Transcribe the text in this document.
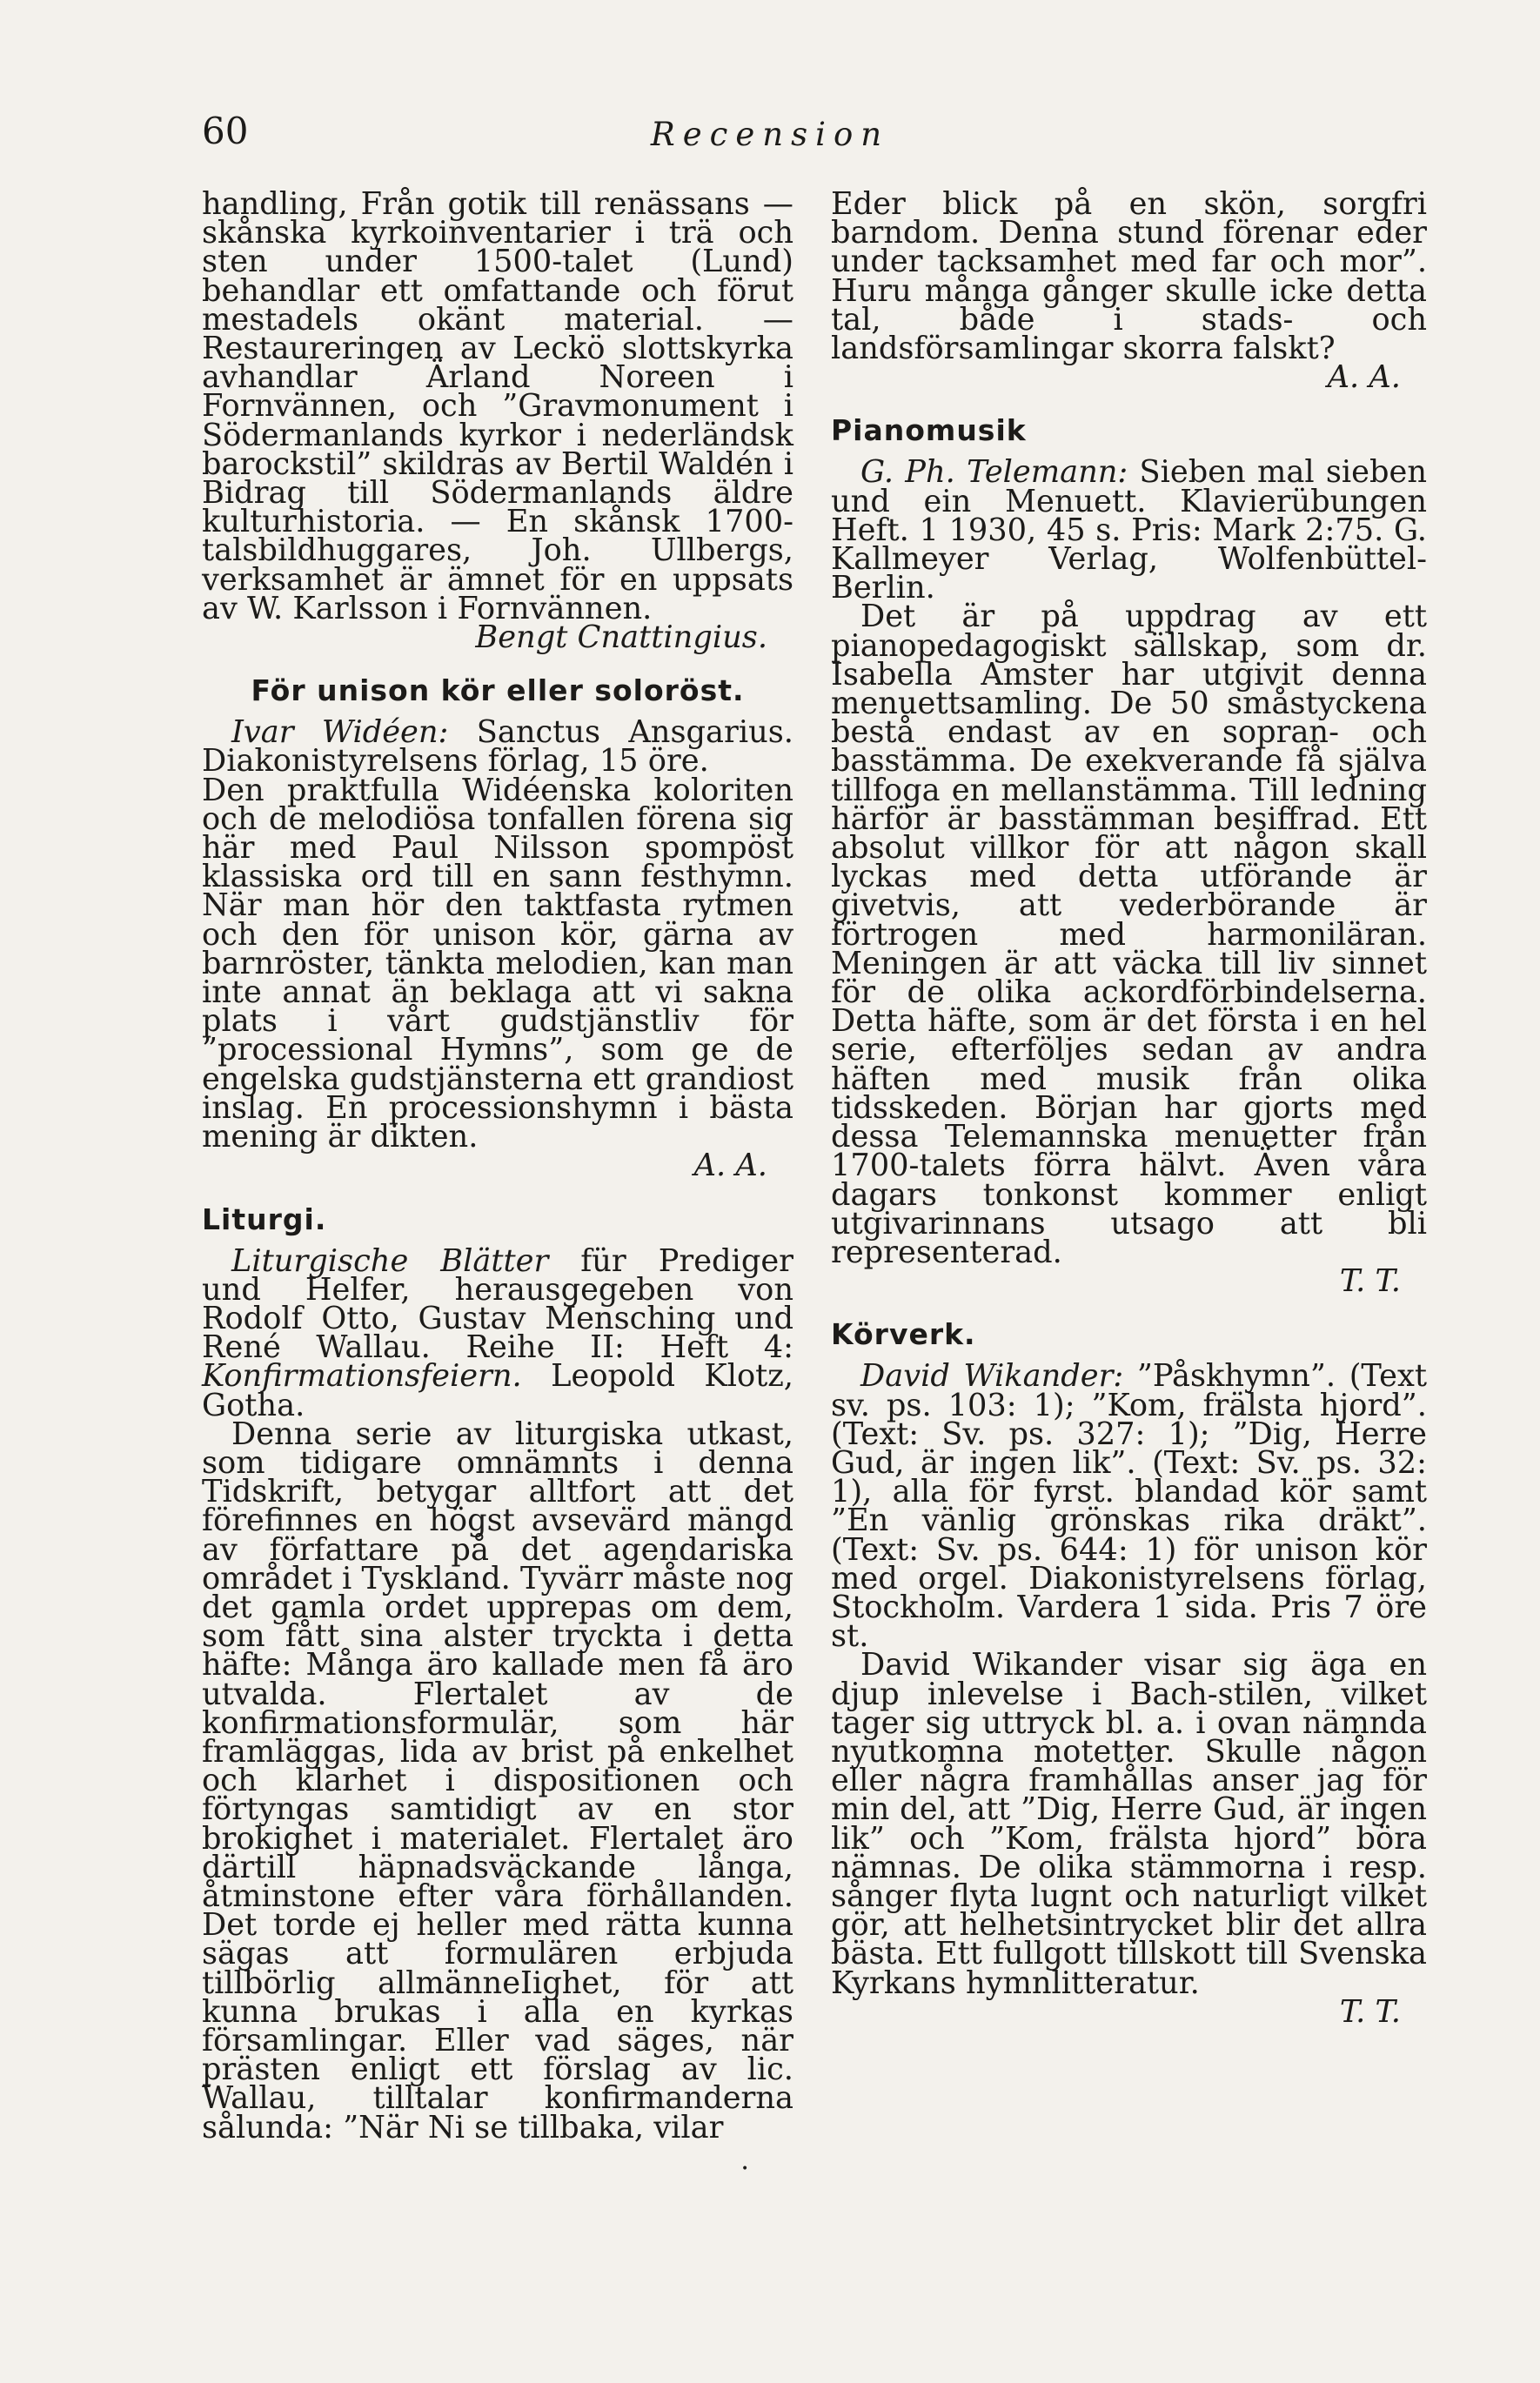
60	Recension

handling, Från gotik till renässans — skånska kyrkoinventarier i trä och sten under 1500-talet (Lund) behandlar ett omfattande och förut mestadels okänt material. — Restaureringen av Leckö slottskyrka avhandlar Ärland Noreen i Fornvännen, och ”Gravmonument i Södermanlands kyrkor i nederländsk barockstil” skildras av Bertil Waldén i Bidrag till Södermanlands äldre kulturhistoria. — En skånsk 1700-talsbildhuggares, Joh. Ullbergs, verksamhet är ämnet för en uppsats av W. Karlsson i Fornvännen.

Bengt Cnattingius.
För unison kör eller soloröst.

Ivar Widéen: Sanctus Ansgarius. Diakonistyrelsens förlag, 15 öre.

Den praktfulla Widéenska koloriten och de melodiösa tonfallen förena sig här med Paul Nilsson spompöst klassiska ord till en sann festhymn. När man hör den taktfasta rytmen och den för unison kör, gärna av barnröster, tänkta melodien, kan man inte annat än beklaga att vi sakna plats i vårt gudstjänstliv för ”processional Hymns”, som ge de engelska gudstjänsterna ett grandiost inslag. En processionshymn i bästa mening är dikten.

A. A.
Liturgi.

Liturgische Blätter für Prediger und Helfer, herausgegeben von Rodolf Otto, Gustav Mensching und René Wallau. Reihe II: Heft 4: Konfirmationsfeiern. Leopold Klotz, Gotha.

Denna serie av liturgiska utkast, som tidigare omnämnts i denna Tidskrift, betygar alltfort att det förefinnes en högst avsevärd mängd av författare på det agendariska området i Tyskland. Tyvärr måste nog det gamla ordet upprepas om dem, som fått sina alster tryckta i detta häfte: Många äro kallade men få äro utvalda. Flertalet av de konfirmationsformulär, som här framläggas, lida av brist på enkelhet och klarhet i dispositionen och förtyngas samtidigt av en stor brokighet i materialet. Flertalet äro därtill häpnadsväckande långa, åtminstone efter våra förhållanden. Det torde ej heller med rätta kunna sägas att formulären erbjuda tillbörlig allmänneIighet, för att kunna brukas i alla en kyrkas församlingar. Eller vad säges, när prästen enligt ett förslag av lic. Wallau, tilltalar konfirmanderna sålunda: ”När Ni se tillbaka, vilar

Eder blick på en skön, sorgfri barndom. Denna stund förenar eder under tacksamhet med far och mor”. Huru många gånger skulle icke detta tal, både i stads- och landsförsamlingar skorra falskt?

A. A.
Pianomusik

G. Ph. Telemann: Sieben mal sieben und ein Menuett. Klavierübungen Heft. 1 1930, 45 s. Pris: Mark 2:75. G. Kallmeyer Verlag, Wolfenbüttel-Berlin.

Det är på uppdrag av ett pianopedagogiskt sällskap, som dr. Isabella Amster har utgivit denna menuettsamling. De 50 småstyckena bestå endast av en sopran- och basstämma. De exekverande få själva tillfoga en mellanstämma. Till ledning härför är basstämman besiffrad. Ett absolut villkor för att någon skall lyckas med detta utförande är givetvis, att vederbörande är förtrogen med harmoniläran. Meningen är att väcka till liv sinnet för de olika ackordförbindelserna. Detta häfte, som är det första i en hel serie, efterföljes sedan av andra häften med musik från olika tidsskeden. Början har gjorts med dessa Telemannska menuetter från 1700-talets förra hälvt. Även våra dagars tonkonst kommer enligt utgivarinnans utsago att bli representerad.

T. T.
Körverk.

David Wikander: ”Påskhymn”. (Text sv. ps. 103: 1); ”Kom, frälsta hjord”. (Text: Sv. ps. 327: 1); ”Dig, Herre Gud, är ingen lik”. (Text: Sv. ps. 32: 1), alla för fyrst. blandad kör samt ”En vänlig grönskas rika dräkt”. (Text: Sv. ps. 644: 1) för unison kör med orgel. Diakonistyrelsens förlag, Stockholm. Vardera 1 sida. Pris 7 öre st.

David Wikander visar sig äga en djup inlevelse i Bach-stilen, vilket tager sig uttryck bl. a. i ovan nämnda nyutkomna motetter. Skulle någon eller några framhållas anser jag för min del, att ”Dig, Herre Gud, är ingen lik” och ”Kom, frälsta hjord” böra nämnas. De olika stämmorna i resp. sånger flyta lugnt och naturligt vilket gör, att helhetsintrycket blir det allra bästa. Ett fullgott tillskott till Svenska Kyrkans hymnlitteratur.

T. T.
•
